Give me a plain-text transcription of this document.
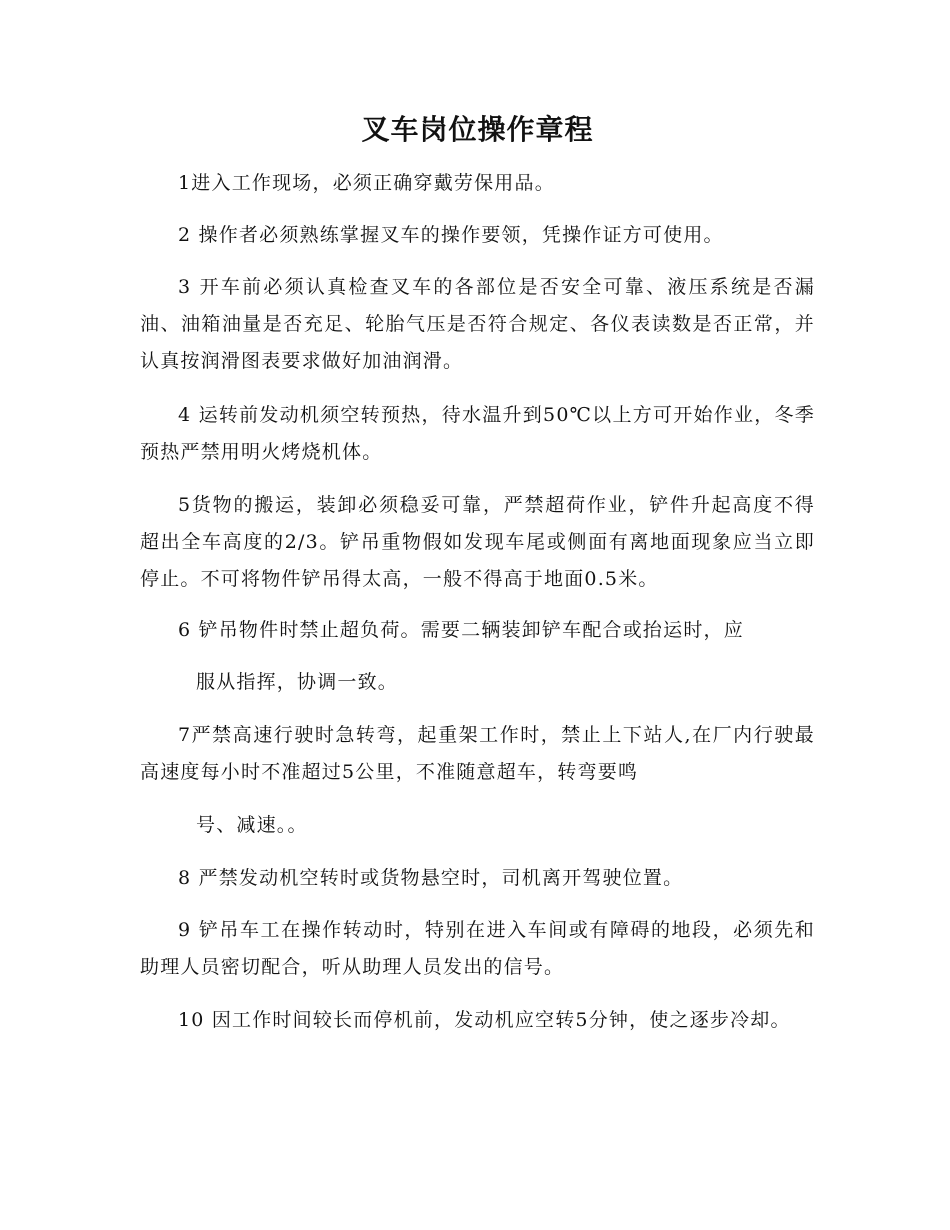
叉车岗位操作章程

1进入工作现场，必须正确穿戴劳保用品。

2 操作者必须熟练掌握叉车的操作要领，凭操作证方可使用。

3 开车前必须认真检查叉车的各部位是否安全可靠、液压系统是否漏油、油箱油量是否充足、轮胎气压是否符合规定、各仪表读数是否正常，并认真按润滑图表要求做好加油润滑。

4 运转前发动机须空转预热，待水温升到50℃以上方可开始作业，冬季预热严禁用明火烤烧机体。

5货物的搬运，装卸必须稳妥可靠，严禁超荷作业，铲件升起高度不得超出全车高度的2/3。铲吊重物假如发现车尾或侧面有离地面现象应当立即停止。不可将物件铲吊得太高，一般不得高于地面0.5米。

6 铲吊物件时禁止超负荷。需要二辆装卸铲车配合或抬运时，应

服从指挥，协调一致。

7严禁高速行驶时急转弯，起重架工作时，禁止上下站人,在厂内行驶最高速度每小时不准超过5公里，不准随意超车，转弯要鸣

号、减速。。

8 严禁发动机空转时或货物悬空时，司机离开驾驶位置。

9 铲吊车工在操作转动时，特别在进入车间或有障碍的地段，必须先和助理人员密切配合，听从助理人员发出的信号。

10 因工作时间较长而停机前，发动机应空转5分钟，使之逐步冷却。
